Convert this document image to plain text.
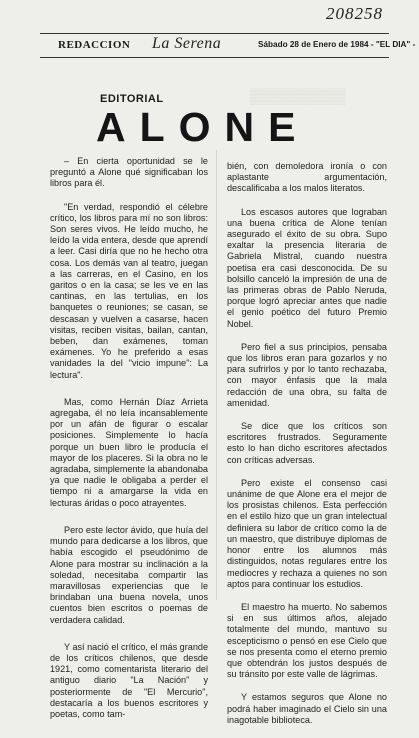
208258
REDACCION La Serena	Sábado 28 de Enero de 1984 - "EL DIA" -
EDITORIAL	▒▒▒▒▒▒▒▒▒
ALONE

– En cierta oportunidad se le preguntó a Alone qué significaban los libros para él.

"En verdad, respondió el célebre crítico, los libros para mí no son libros: Son seres vivos. He leído mucho, he leído la vida entera, desde que aprendí a leer. Casi diría que no he hecho otra cosa. Los demás van al teatro, juegan a las carreras, en el Casino, en los garitos o en la casa; se les ve en las cantinas, en las tertulias, en los banquetes o reuniones; se casan, se descasan y vuelven a casarse, hacen visitas, reciben visitas, bailan, cantan, beben, dan exámenes, toman exámenes. Yo he preferido a esas vanidades la del "vicio impune": La lectura".

Mas, como Hernán Díaz Arrieta agregaba, él no leía incansablemente por un afán de figurar o escalar posiciones. Simplemente lo hacía porque un buen libro le producía el mayor de los placeres. Si la obra no le agradaba, simplemente la abandonaba ya que nadie le obligaba a perder el tiempo ni a amargarse la vida en lecturas áridas o poco atrayentes.

Pero este lector ávido, que huía del mundo para dedicarse a los libros, que había escogido el pseudónimo de Alone para mostrar su inclinación a la soledad, necesitaba compartir las maravillosas experiencias que le brindaban una buena novela, unos cuentos bien escritos o poemas de verdadera calidad.

Y así nació el crítico, el más grande de los críticos chilenos, que desde 1921, como comentarista literario del antiguo diario "La Nación" y posteriormente de "El Mercurio", destacaría a los buenos escritores y poetas, como tam-

bién, con demoledora ironía o con aplastante argumentación, descalificaba a los malos literatos.

Los escasos autores que lograban una buena crítica de Alone tenían asegurado el éxito de su obra. Supo exaltar la presencia literaria de Gabriela Mistral, cuando nuestra poetisa era casi desconocida. De su bolsillo canceló la impresión de una de las primeras obras de Pablo Neruda, porque logró apreciar antes que nadie el genio poético del futuro Premio Nobel.

Pero fiel a sus principios, pensaba que los libros eran para gozarlos y no para sufrirlos y por lo tanto rechazaba, con mayor énfasis que la mala redacción de una obra, su falta de amenidad.

Se dice que los críticos son escritores frustrados. Seguramente esto lo han dicho escritores afectados con críticas adversas.

Pero existe el consenso casi unánime de que Alone era el mejor de los prosistas chilenos. Esta perfección en el estilo hizo que un gran intelectual definiera su labor de crítico como la de un maestro, que distribuye diplomas de honor entre los alumnos más distinguidos, notas regulares entre los mediocres y rechaza a quienes no son aptos para continuar los estudios.

El maestro ha muerto. No sabemos si en sus últimos años, alejado totalmente del mundo, mantuvo su escepticismo o pensó en ese Cielo que se nos presenta como el eterno premio que obtendrán los justos después de su tránsito por este valle de lágrimas.

Y estamos seguros que Alone no podrá haber imaginado el Cielo sin una inagotable biblioteca.
